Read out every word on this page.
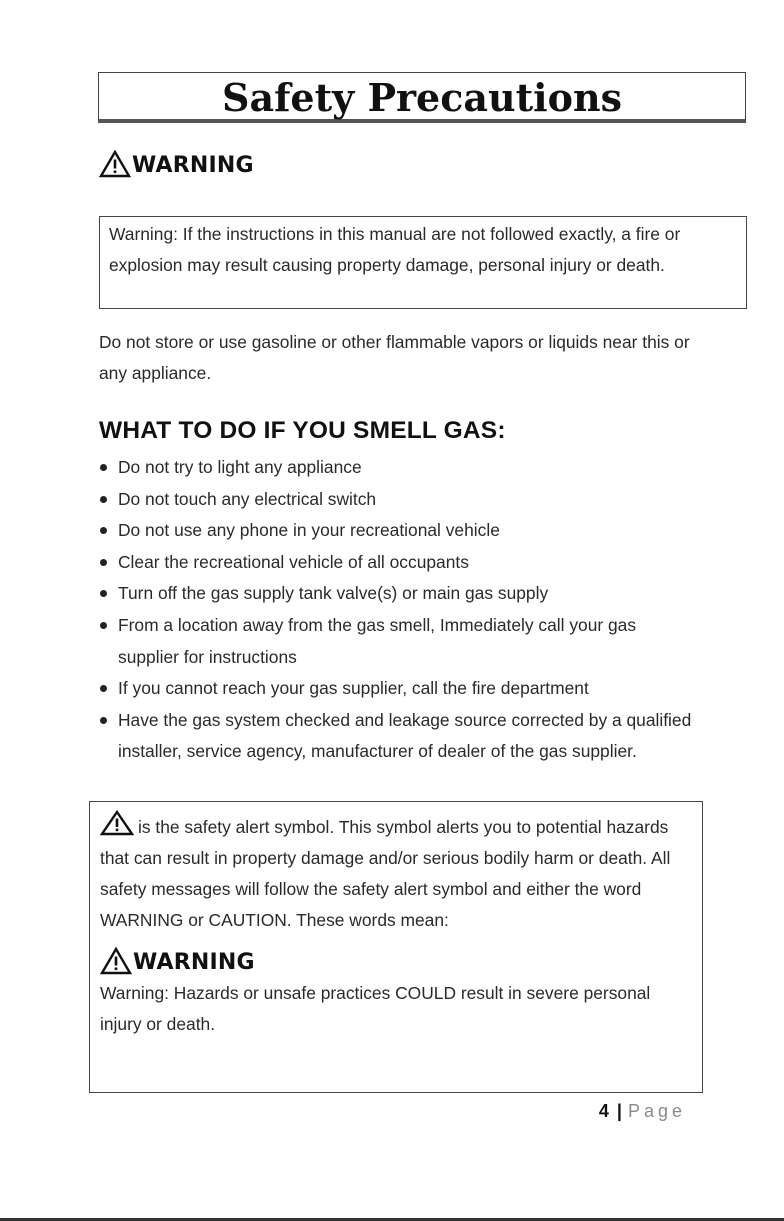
Safety Precautions
WARNING
Warning: If the instructions in this manual are not followed exactly, a fire or explosion may result causing property damage, personal injury or death.

Do not store or use gasoline or other flammable vapors or liquids near this or any appliance.

WHAT TO DO IF YOU SMELL GAS:
Do not try to light any appliance
Do not touch any electrical switch
Do not use any phone in your recreational vehicle
Clear the recreational vehicle of all occupants
Turn off the gas supply tank valve(s) or main gas supply
From a location away from the gas smell, Immediately call your gas supplier for instructions
If you cannot reach your gas supplier, call the fire department
Have the gas system checked and leakage source corrected by a qualified installer, service agency, manufacturer of dealer of the gas supplier.

is the safety alert symbol. This symbol alerts you to potential hazards that can result in property damage and/or serious bodily harm or death. All safety messages will follow the safety alert symbol and either the word WARNING or CAUTION. These words mean:

WARNING

Warning: Hazards or unsafe practices COULD result in severe personal injury or death.

4 | Page
